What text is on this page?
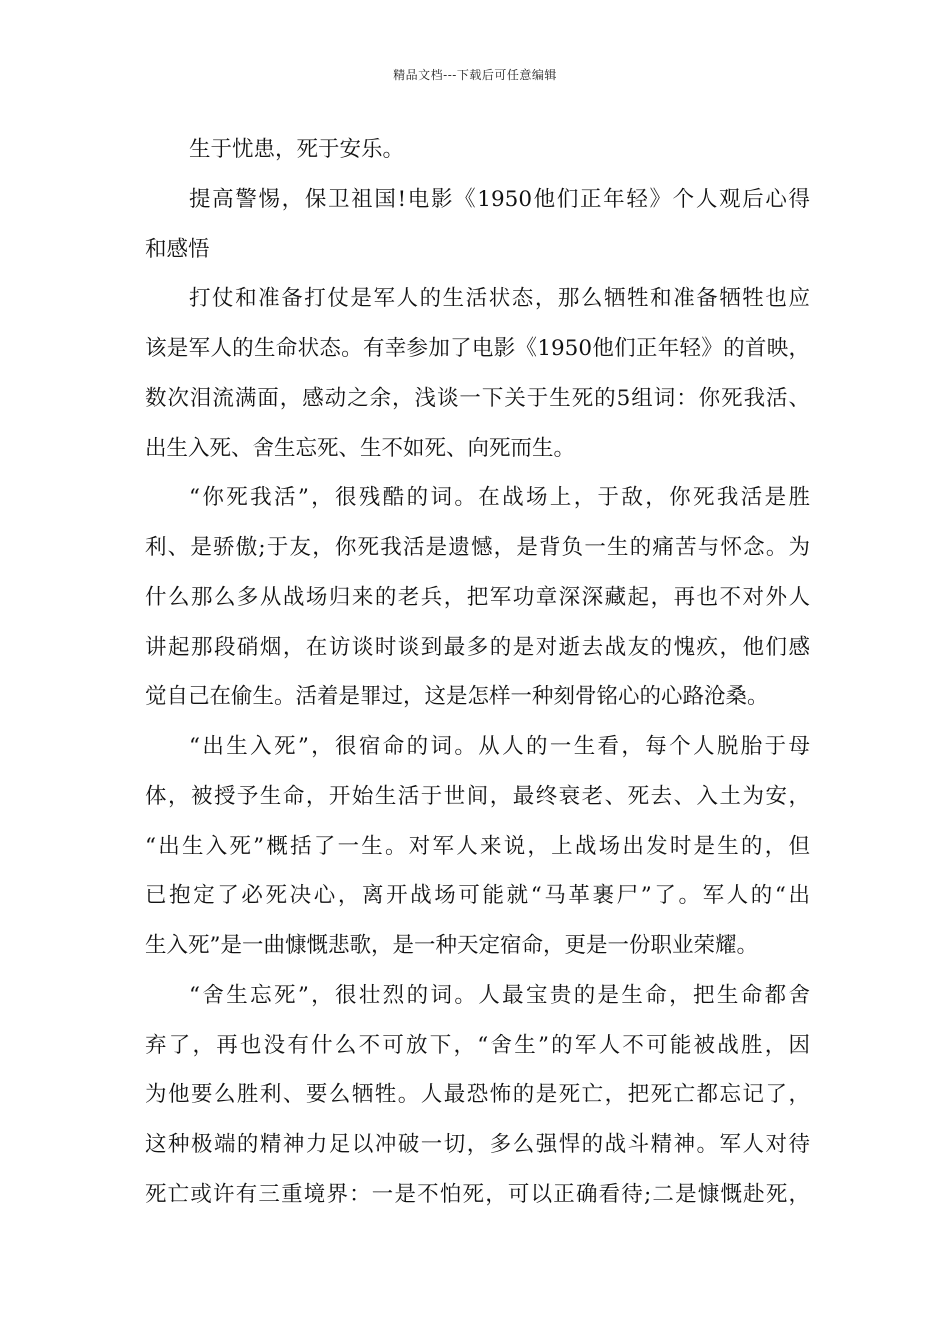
精品文档---下载后可任意编辑
生于忧患，死于安乐。
提高警惕，保卫祖国!电影《1950他们正年轻》个人观后心得
和感悟
打仗和准备打仗是军人的生活状态，那么牺牲和准备牺牲也应
该是军人的生命状态。有幸参加了电影《1950他们正年轻》的首映，
数次泪流满面，感动之余，浅谈一下关于生死的5组词：你死我活、
出生入死、舍生忘死、生不如死、向死而生。
“你死我活”，很残酷的词。在战场上，于敌，你死我活是胜
利、是骄傲;于友，你死我活是遗憾，是背负一生的痛苦与怀念。为
什么那么多从战场归来的老兵，把军功章深深藏起，再也不对外人
讲起那段硝烟，在访谈时谈到最多的是对逝去战友的愧疚，他们感
觉自己在偷生。活着是罪过，这是怎样一种刻骨铭心的心路沧桑。
“出生入死”，很宿命的词。从人的一生看，每个人脱胎于母
体，被授予生命，开始生活于世间，最终衰老、死去、入土为安，
“出生入死”概括了一生。对军人来说，上战场出发时是生的，但
已抱定了必死决心，离开战场可能就“马革裹尸”了。军人的“出
生入死”是一曲慷慨悲歌，是一种天定宿命，更是一份职业荣耀。
“舍生忘死”，很壮烈的词。人最宝贵的是生命，把生命都舍
弃了，再也没有什么不可放下，“舍生”的军人不可能被战胜，因
为他要么胜利、要么牺牲。人最恐怖的是死亡，把死亡都忘记了，
这种极端的精神力足以冲破一切，多么强悍的战斗精神。军人对待
死亡或许有三重境界：一是不怕死，可以正确看待;二是慷慨赴死，
